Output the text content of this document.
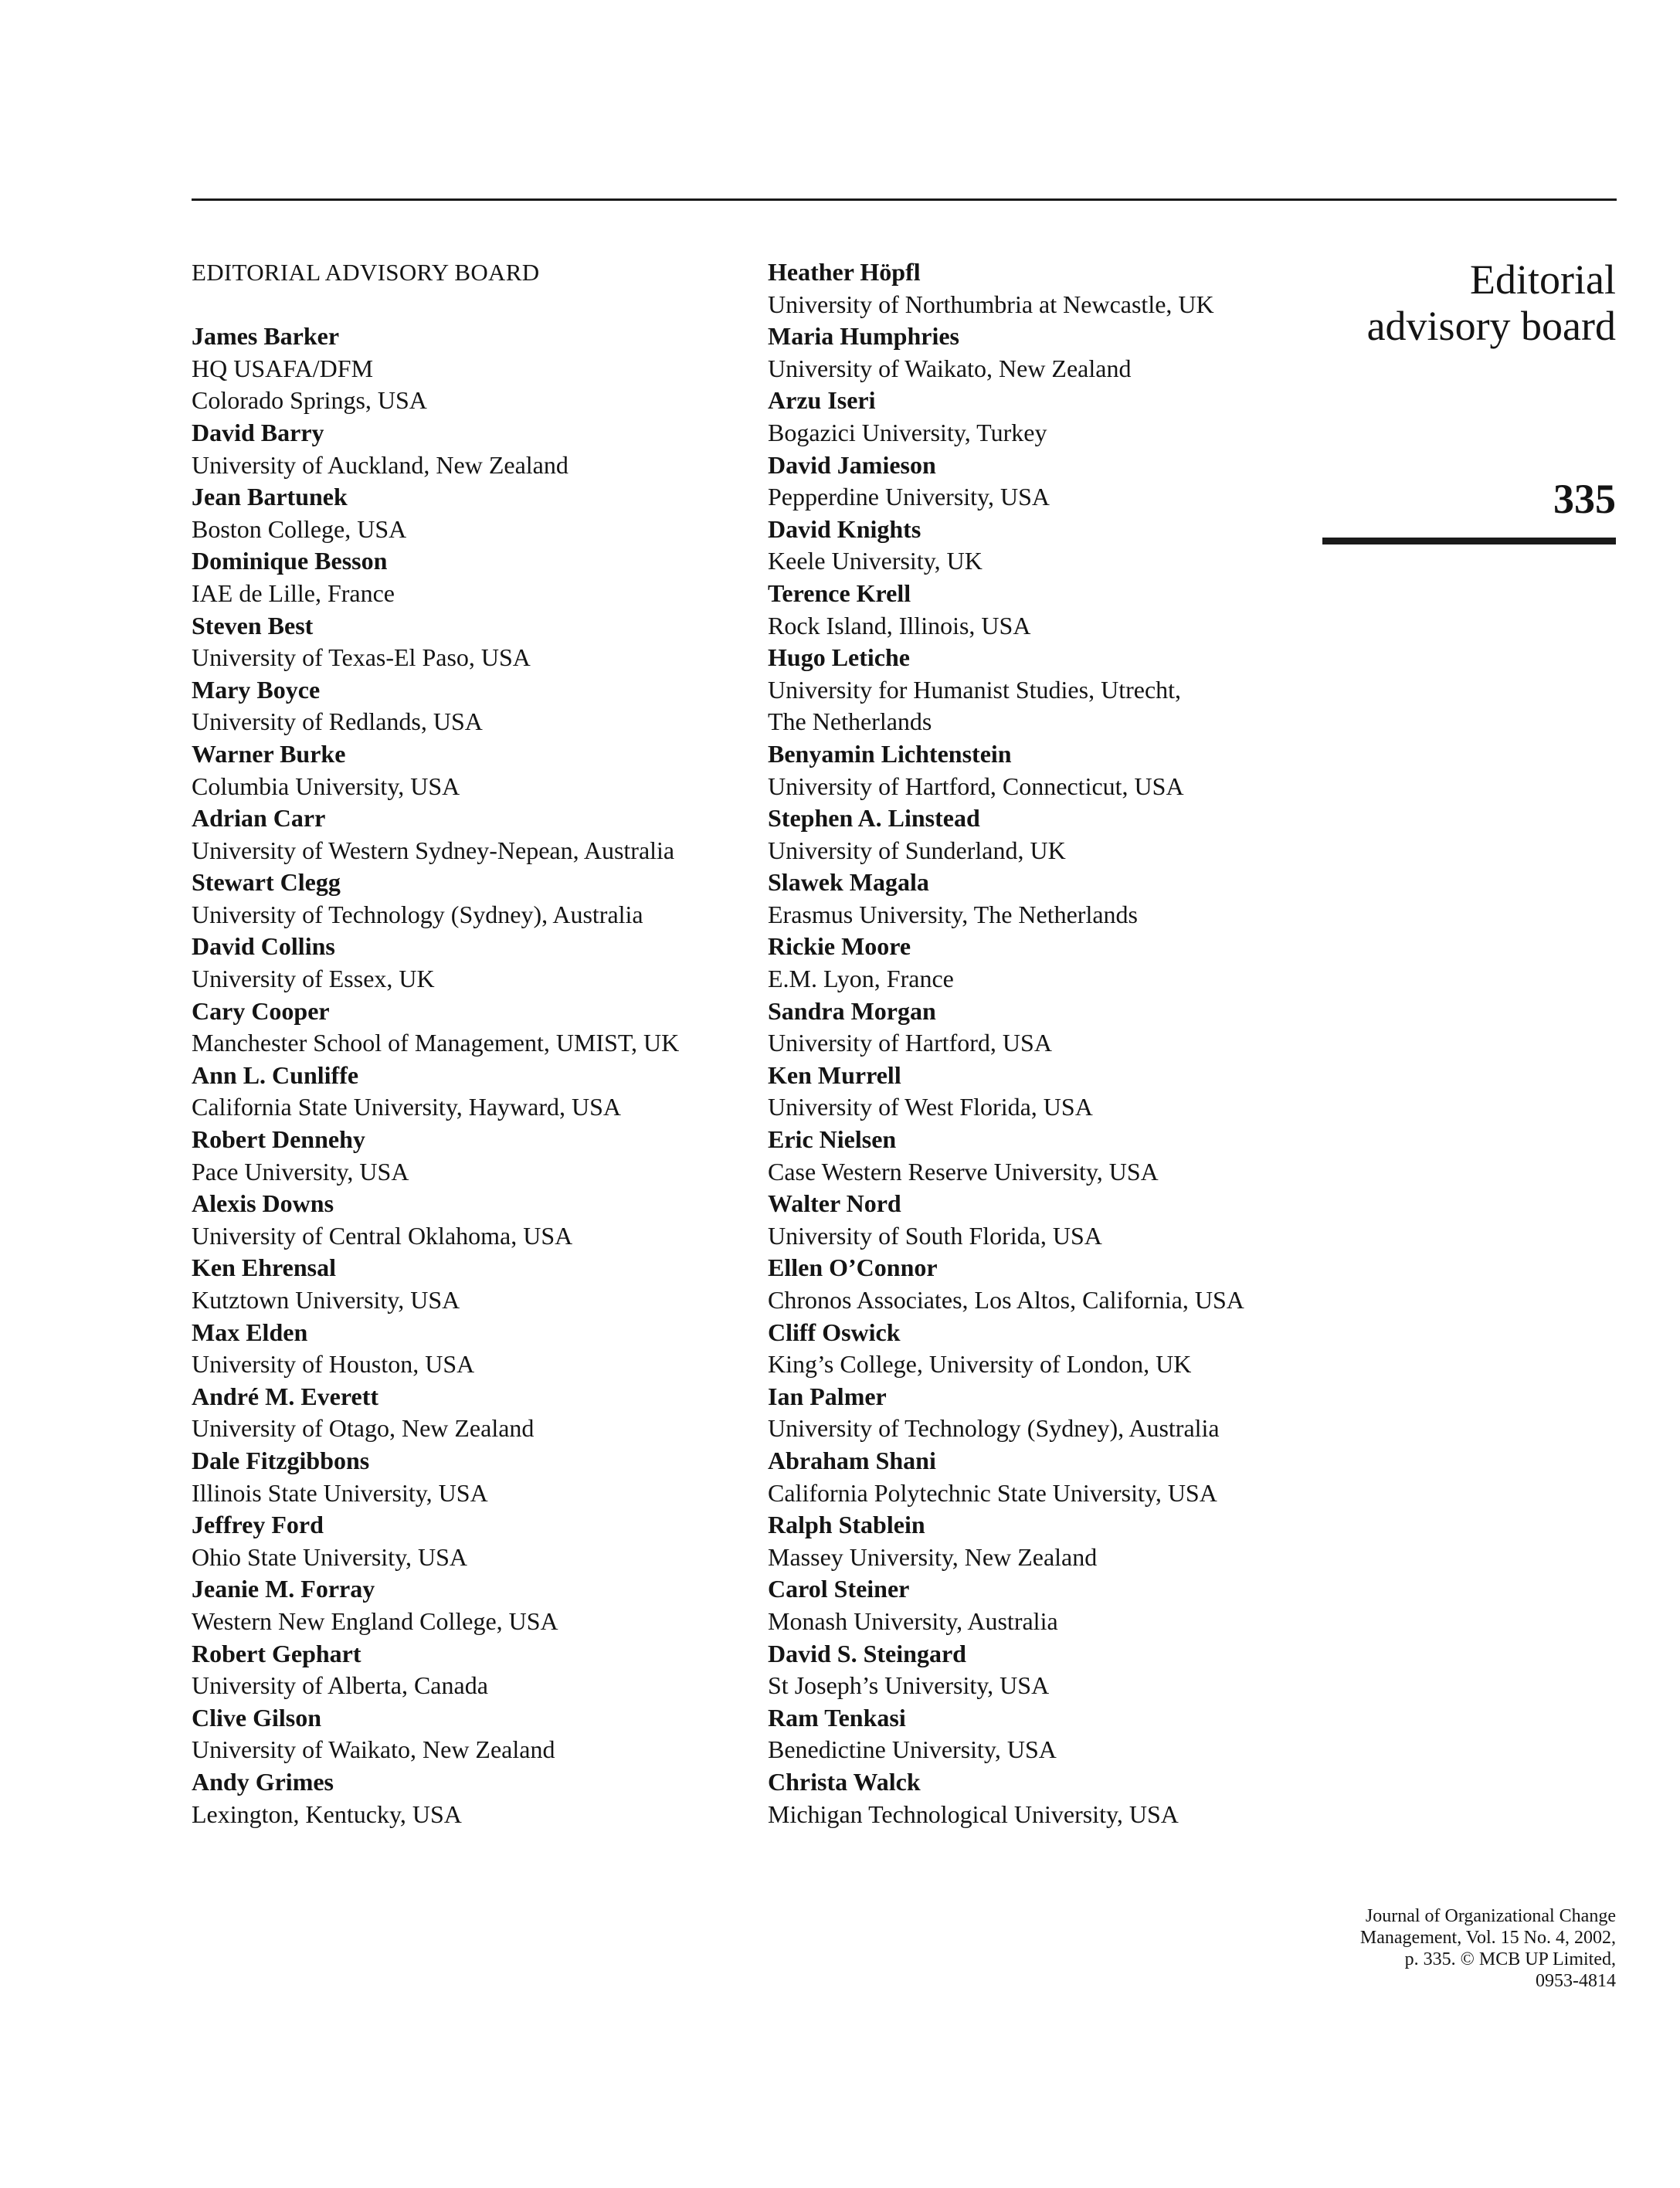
EDITORIAL ADVISORY BOARD
James Barker
HQ USAFA/DFM
Colorado Springs, USA
David Barry
University of Auckland, New Zealand
Jean Bartunek
Boston College, USA
Dominique Besson
IAE de Lille, France
Steven Best
University of Texas-El Paso, USA
Mary Boyce
University of Redlands, USA
Warner Burke
Columbia University, USA
Adrian Carr
University of Western Sydney-Nepean, Australia
Stewart Clegg
University of Technology (Sydney), Australia
David Collins
University of Essex, UK
Cary Cooper
Manchester School of Management, UMIST, UK
Ann L. Cunliffe
California State University, Hayward, USA
Robert Dennehy
Pace University, USA
Alexis Downs
University of Central Oklahoma, USA
Ken Ehrensal
Kutztown University, USA
Max Elden
University of Houston, USA
André M. Everett
University of Otago, New Zealand
Dale Fitzgibbons
Illinois State University, USA
Jeffrey Ford
Ohio State University, USA
Jeanie M. Forray
Western New England College, USA
Robert Gephart
University of Alberta, Canada
Clive Gilson
University of Waikato, New Zealand
Andy Grimes
Lexington, Kentucky, USA
Heather Höpfl
University of Northumbria at Newcastle, UK
Maria Humphries
University of Waikato, New Zealand
Arzu Iseri
Bogazici University, Turkey
David Jamieson
Pepperdine University, USA
David Knights
Keele University, UK
Terence Krell
Rock Island, Illinois, USA
Hugo Letiche
University for Humanist Studies, Utrecht,
The Netherlands
Benyamin Lichtenstein
University of Hartford, Connecticut, USA
Stephen A. Linstead
University of Sunderland, UK
Slawek Magala
Erasmus University, The Netherlands
Rickie Moore
E.M. Lyon, France
Sandra Morgan
University of Hartford, USA
Ken Murrell
University of West Florida, USA
Eric Nielsen
Case Western Reserve University, USA
Walter Nord
University of South Florida, USA
Ellen O’Connor
Chronos Associates, Los Altos, California, USA
Cliff Oswick
King’s College, University of London, UK
Ian Palmer
University of Technology (Sydney), Australia
Abraham Shani
California Polytechnic State University, USA
Ralph Stablein
Massey University, New Zealand
Carol Steiner
Monash University, Australia
David S. Steingard
St Joseph’s University, USA
Ram Tenkasi
Benedictine University, USA
Christa Walck
Michigan Technological University, USA
Editorial
advisory board
335
Journal of Organizational Change
Management, Vol. 15 No. 4, 2002,
p. 335. © MCB UP Limited,
0953-4814
